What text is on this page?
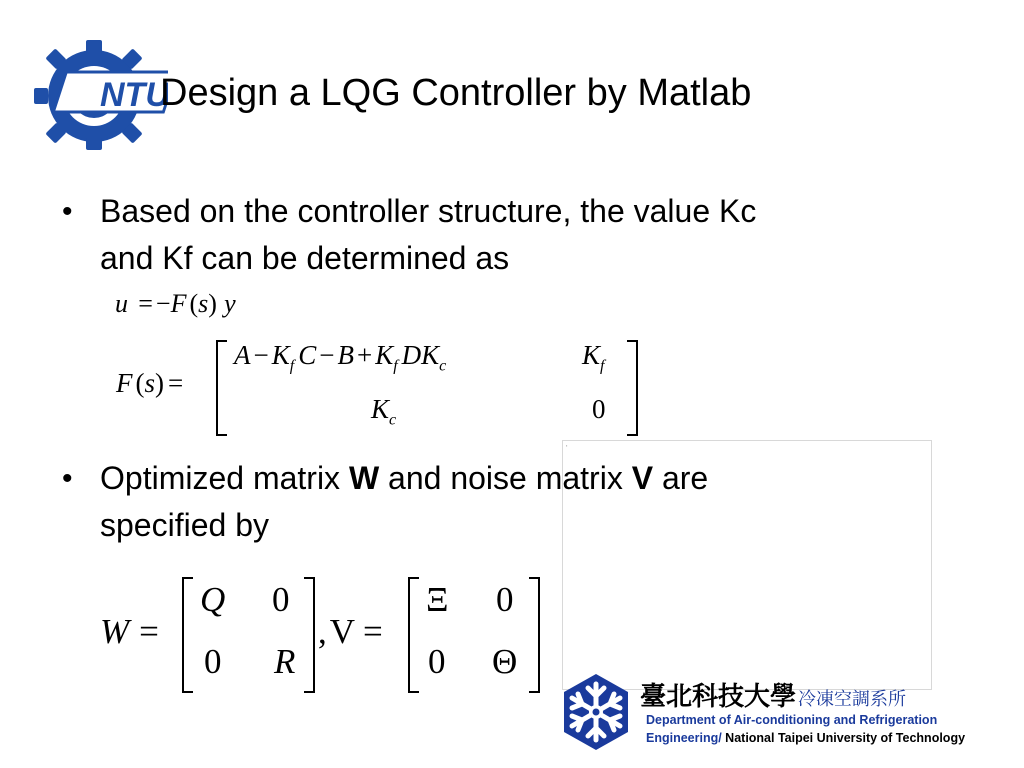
NTU
Design a LQG Controller by Matlab
• Based on the controller structure, the value Kc
and Kf can be determined as
u = −F (s) y
F (s) =
$A - K_f$ $C - B + K_f$ $DK_c$	$K_f$
$K_c$	0
▪
• Optimized matrix W and noise matrix V are
specified by
W =
Q 0
0 R
,V =
Ξ 0
0 Θ
臺北科技大學 冷凍空調系所
Department of Air-conditioning and Refrigeration
Engineering/ National Taipei University of Technology
